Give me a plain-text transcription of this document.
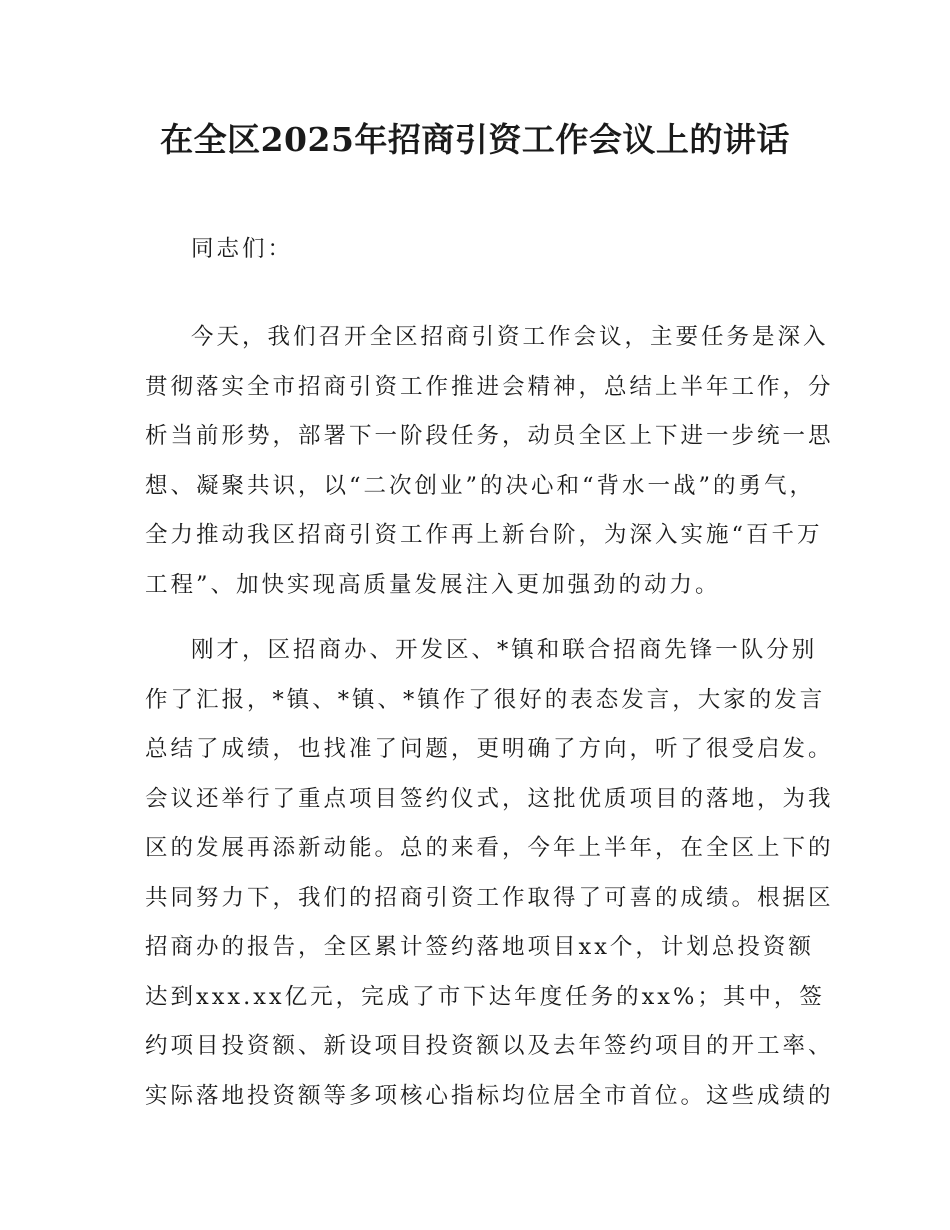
在全区2025年招商引资工作会议上的讲话
同志们：
今天，我们召开全区招商引资工作会议，主要任务是深入
贯彻落实全市招商引资工作推进会精神，总结上半年工作，分
析当前形势，部署下一阶段任务，动员全区上下进一步统一思
想、凝聚共识，以“二次创业”的决心和“背水一战”的勇气，
全力推动我区招商引资工作再上新台阶，为深入实施“百千万
工程”、加快实现高质量发展注入更加强劲的动力。
刚才，区招商办、开发区、*镇和联合招商先锋一队分别
作了汇报，*镇、*镇、*镇作了很好的表态发言，大家的发言
总结了成绩，也找准了问题，更明确了方向，听了很受启发。
会议还举行了重点项目签约仪式，这批优质项目的落地，为我
区的发展再添新动能。总的来看，今年上半年，在全区上下的
共同努力下，我们的招商引资工作取得了可喜的成绩。根据区
招商办的报告，全区累计签约落地项目xx个，计划总投资额
达到xxx.xx亿元，完成了市下达年度任务的xx%；其中，签
约项目投资额、新设项目投资额以及去年签约项目的开工率、
实际落地投资额等多项核心指标均位居全市首位。这些成绩的
